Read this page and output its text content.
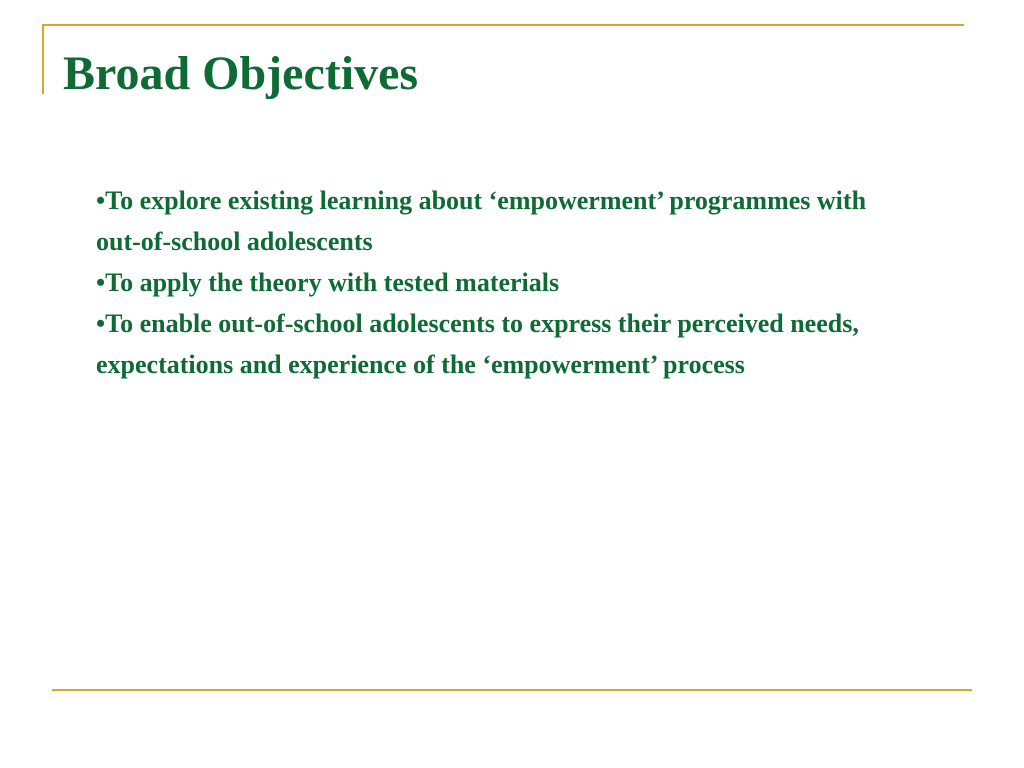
Broad Objectives
•To explore existing learning about ‘empowerment’ programmes with out-of-school adolescents
•To apply the theory with tested materials
•To enable out-of-school adolescents to express their perceived needs, expectations and experience of the ‘empowerment’ process
